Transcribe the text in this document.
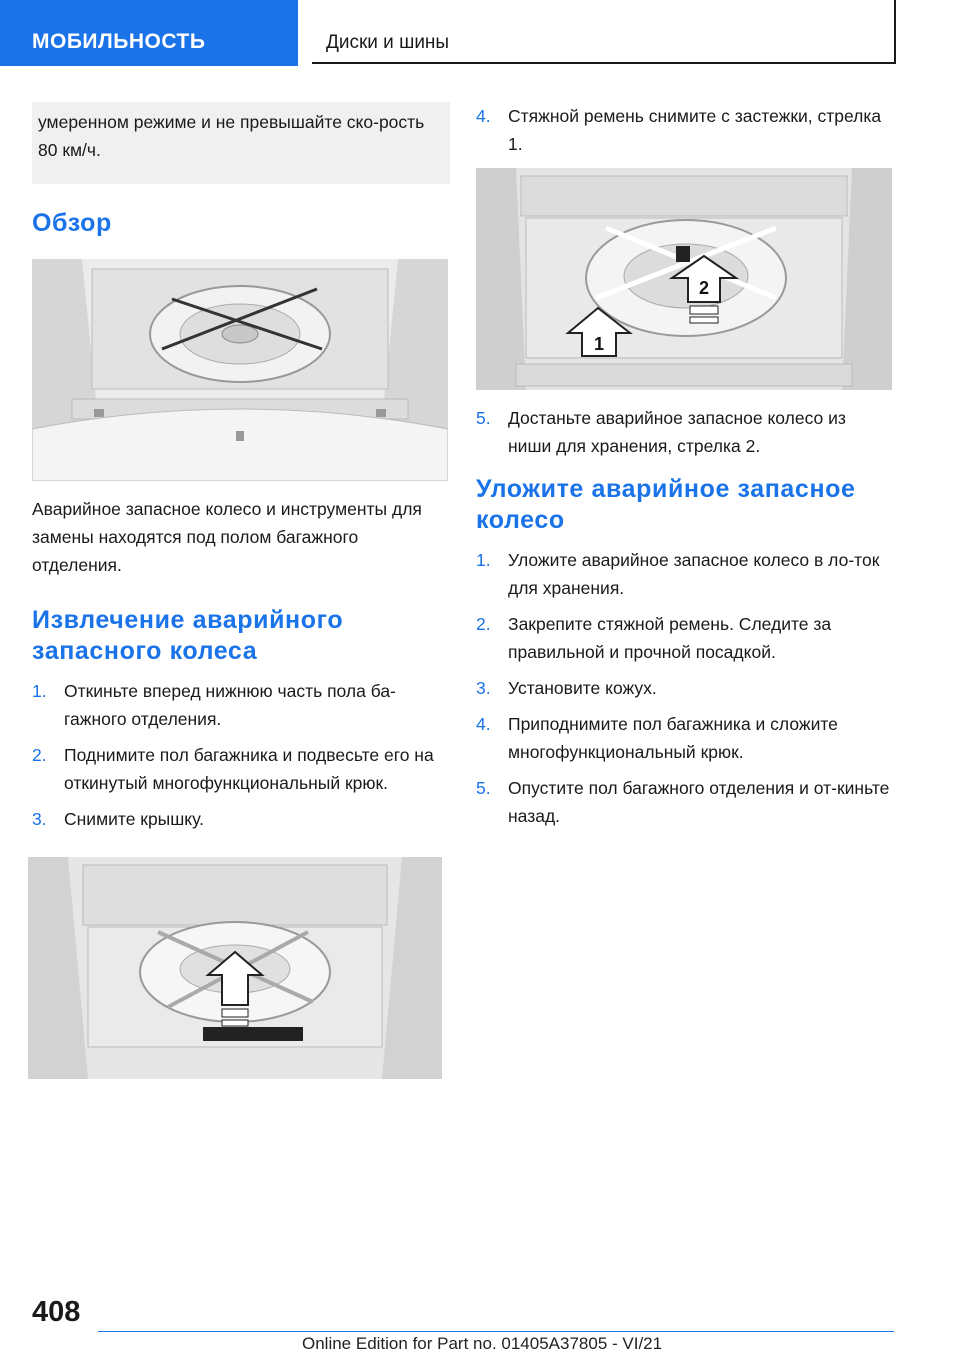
МОБИЛЬНОСТЬ	Диски и шины
умеренном режиме и не превышайте ско-рость 80 км/ч.
Обзор
Аварийное запасное колесо и инструменты для замены находятся под полом багажного отделения.
Извлечение аварийного запасного колеса
1. Откиньте вперед нижнюю часть пола ба-гажного отделения.
2. Поднимите пол багажника и подвесьте его на откинутый многофункциональный крюк.
3. Снимите крышку.
4. Стяжной ремень снимите с застежки, стрелка 1.
1
2
5. Достаньте аварийное запасное колесо из ниши для хранения, стрелка 2.
Уложите аварийное запасное колесо
1. Уложите аварийное запасное колесо в ло-ток для хранения.
2. Закрепите стяжной ремень. Следите за правильной и прочной посадкой.
3. Установите кожух.
4. Приподнимите пол багажника и сложите многофункциональный крюк.
5. Опустите пол багажного отделения и от-киньте назад.
408
Online Edition for Part no. 01405A37805 - VI/21
